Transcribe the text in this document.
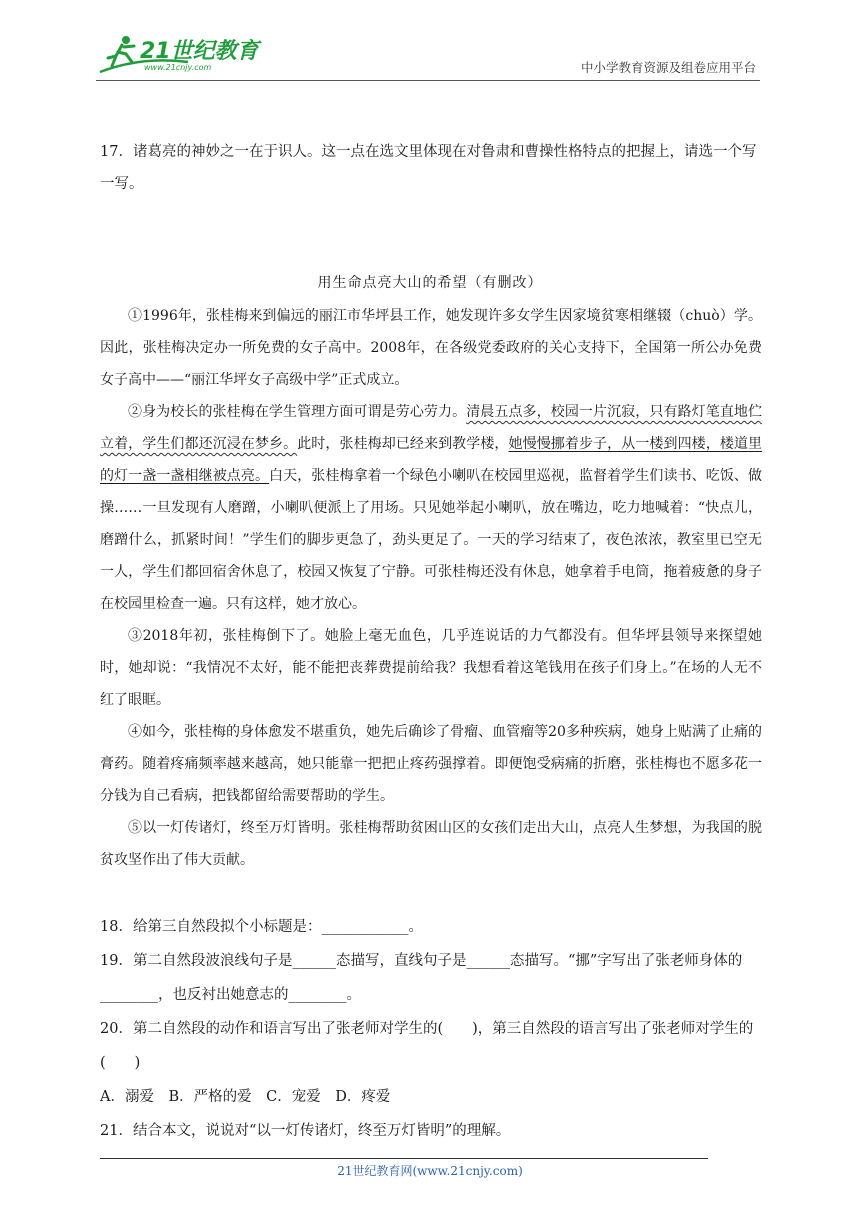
21世纪教育
www.21cnjy.com	中小学教育资源及组卷应用平台
17．诸葛亮的神妙之一在于识人。这一点在选文里体现在对鲁肃和曹操性格特点的把握上，请选一个写一写。
用生命点亮大山的希望（有删改）

①1996年，张桂梅来到偏远的丽江市华坪县工作，她发现许多女学生因家境贫寒相继辍（chuò）学。因此，张桂梅决定办一所免费的女子高中。2008年，在各级党委政府的关心支持下，全国第一所公办免费女子高中——“丽江华坪女子高级中学”正式成立。

②身为校长的张桂梅在学生管理方面可谓是劳心劳力。清晨五点多，校园一片沉寂，只有路灯笔直地伫立着，学生们都还沉浸在梦乡。此时，张桂梅却已经来到教学楼，她慢慢挪着步子，从一楼到四楼，楼道里的灯一盏一盏相继被点亮。白天，张桂梅拿着一个绿色小喇叭在校园里巡视，监督着学生们读书、吃饭、做操……一旦发现有人磨蹭，小喇叭便派上了用场。只见她举起小喇叭，放在嘴边，吃力地喊着：“快点儿，磨蹭什么，抓紧时间！”学生们的脚步更急了，劲头更足了。一天的学习结束了，夜色浓浓，教室里已空无一人，学生们都回宿舍休息了，校园又恢复了宁静。可张桂梅还没有休息，她拿着手电筒，拖着疲惫的身子在校园里检查一遍。只有这样，她才放心。

③2018年初，张桂梅倒下了。她脸上毫无血色，几乎连说话的力气都没有。但华坪县领导来探望她时，她却说：“我情况不太好，能不能把丧葬费提前给我？我想看着这笔钱用在孩子们身上。”在场的人无不红了眼眶。

④如今，张桂梅的身体愈发不堪重负，她先后确诊了骨瘤、血管瘤等20多种疾病，她身上贴满了止痛的膏药。随着疼痛频率越来越高，她只能靠一把把止疼药强撑着。即便饱受病痛的折磨，张桂梅也不愿多花一分钱为自己看病，把钱都留给需要帮助的学生。

⑤以一灯传诸灯，终至万灯皆明。张桂梅帮助贫困山区的女孩们走出大山，点亮人生梦想，为我国的脱贫攻坚作出了伟大贡献。

18．给第三自然段拟个小标题是：____________。

19．第二自然段波浪线句子是______态描写，直线句子是______态描写。“挪”字写出了张老师身体的________，也反衬出她意志的________。

20．第二自然段的动作和语言写出了张老师对学生的(　　)，第三自然段的语言写出了张老师对学生的(　　)

A．溺爱　B．严格的爱　C．宠爱　D．疼爱

21．结合本文，说说对“以一灯传诸灯，终至万灯皆明”的理解。

21世纪教育网(www.21cnjy.com)
